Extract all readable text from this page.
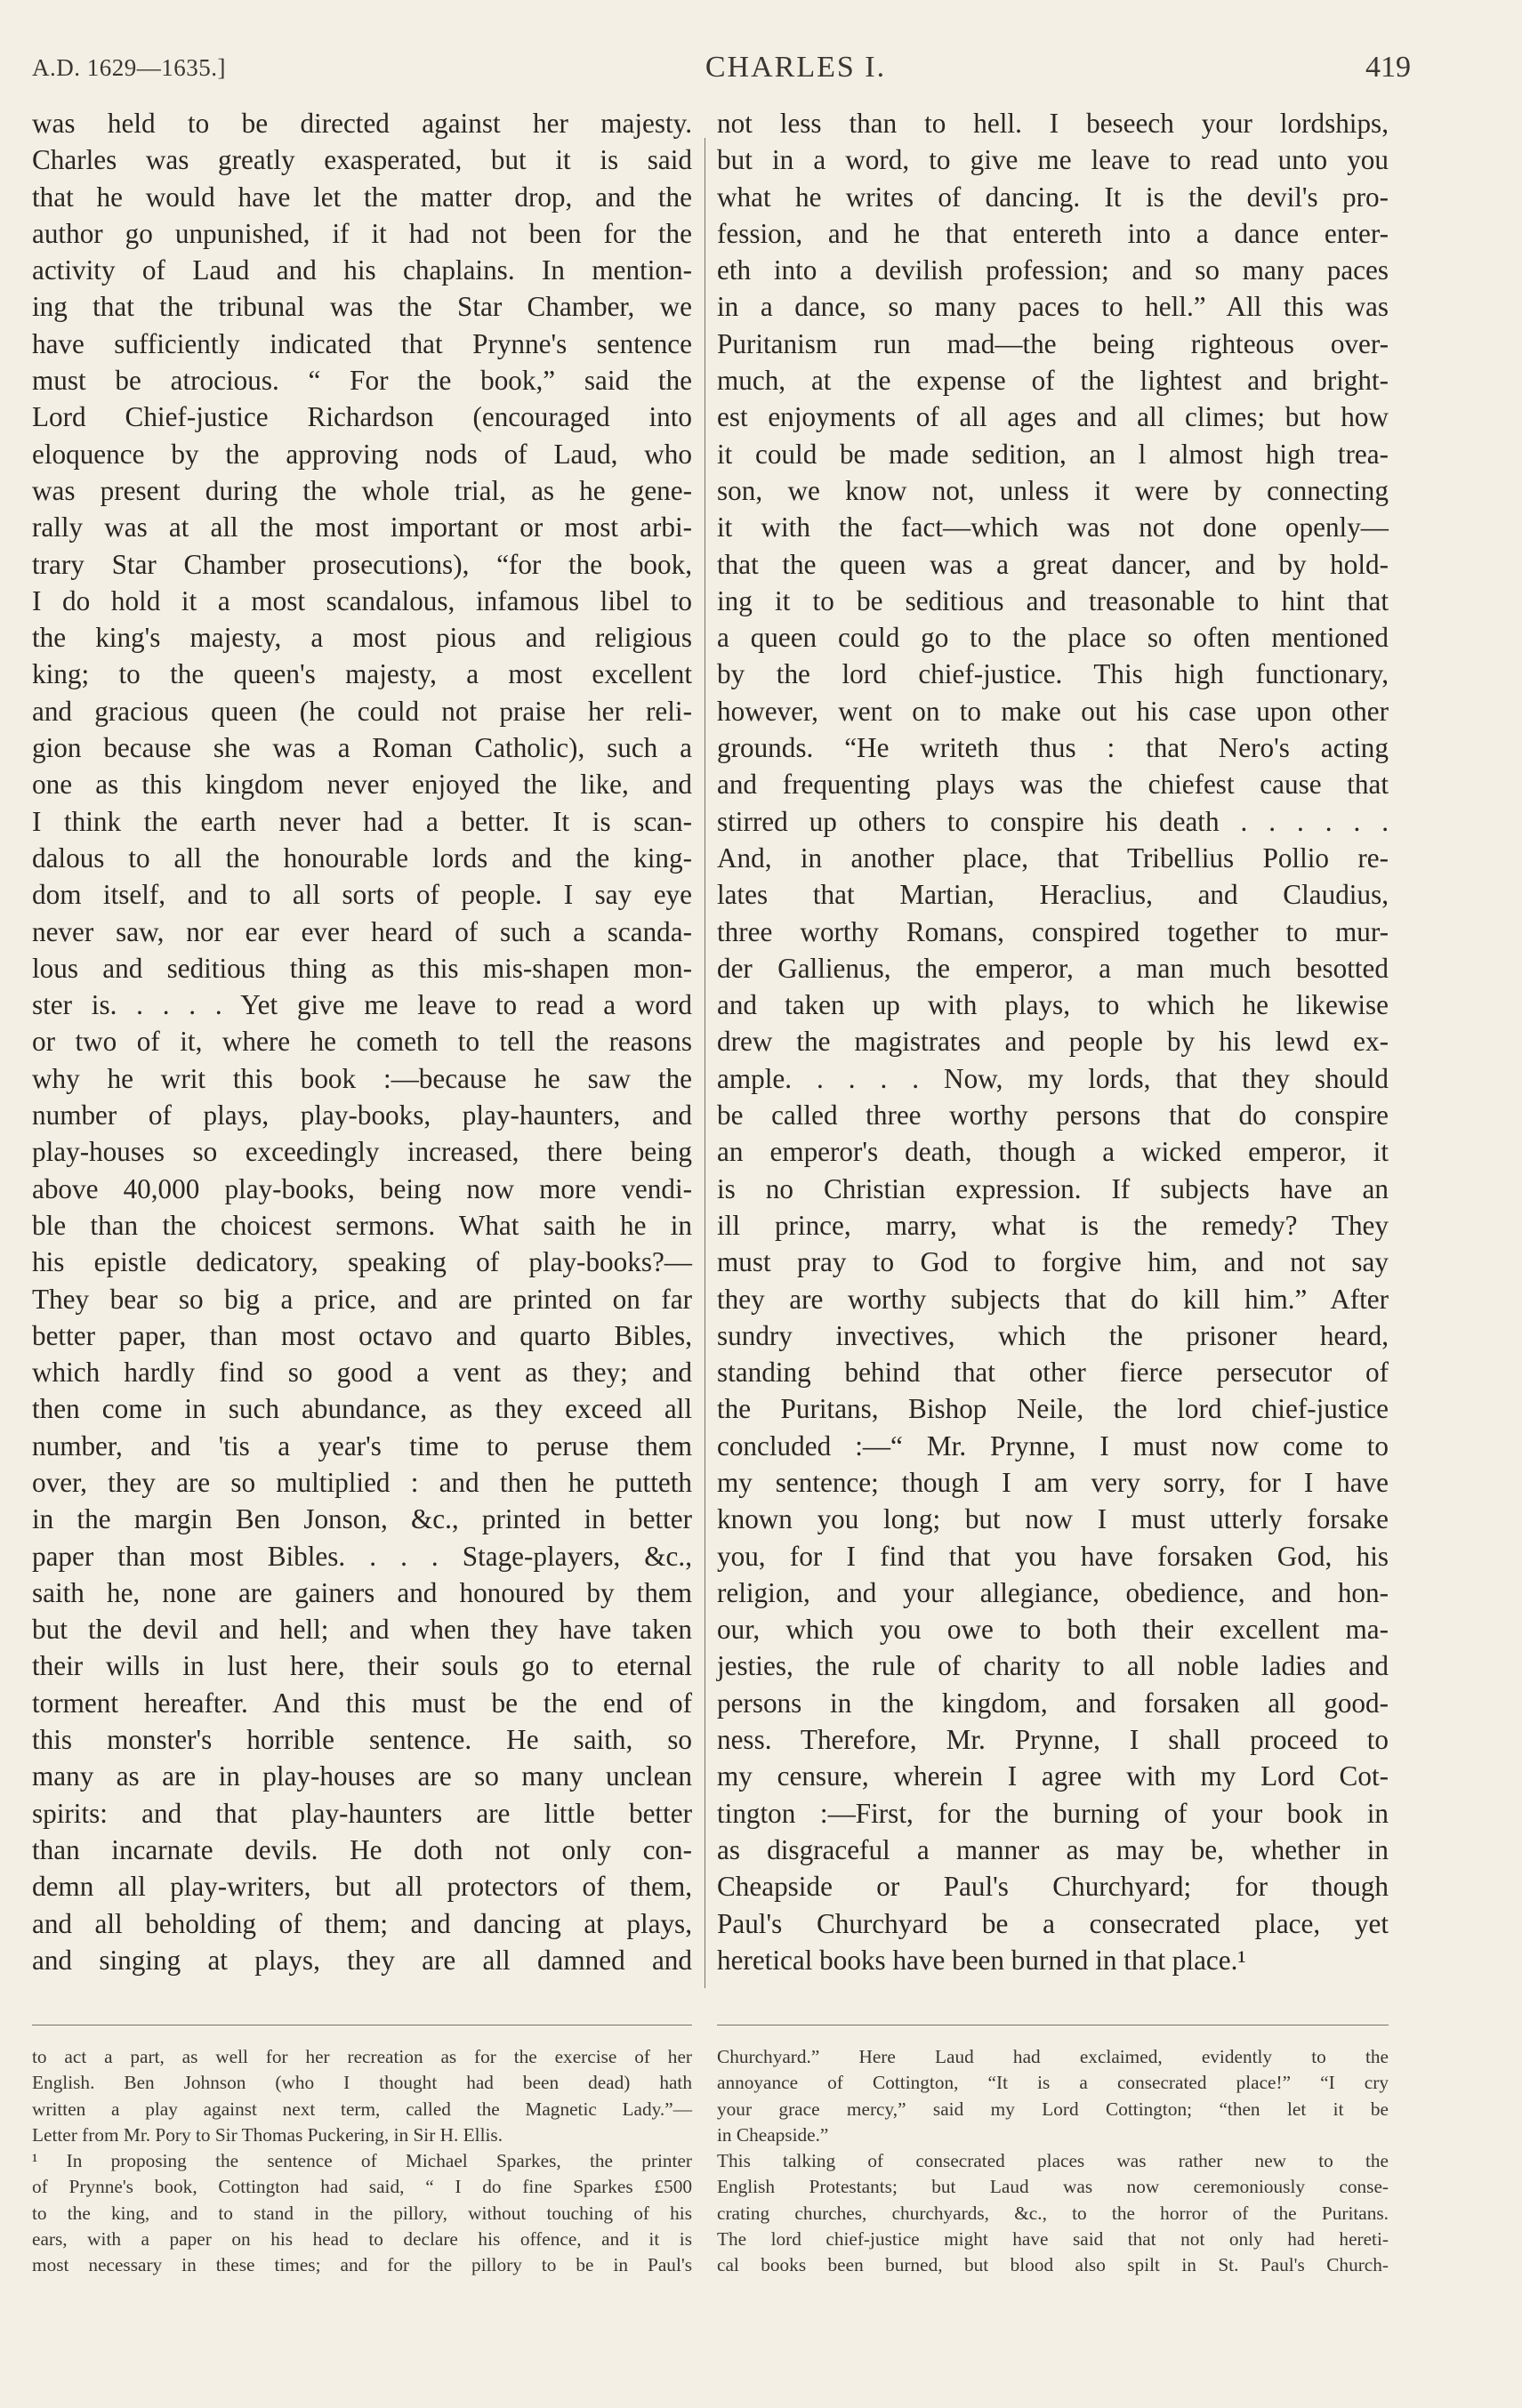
A.D. 1629—1635.]	CHARLES I.	419

was held to be directed against her majesty.

Charles was greatly exasperated, but it is said

that he would have let the matter drop, and the

author go unpunished, if it had not been for the

activity of Laud and his chaplains. In mention-

ing that the tribunal was the Star Chamber, we

have sufficiently indicated that Prynne's sentence

must be atrocious. “ For the book,” said the

Lord Chief-justice Richardson (encouraged into

eloquence by the approving nods of Laud, who

was present during the whole trial, as he gene-

rally was at all the most important or most arbi-

trary Star Chamber prosecutions), “for the book,

I do hold it a most scandalous, infamous libel to

the king's majesty, a most pious and religious

king; to the queen's majesty, a most excellent

and gracious queen (he could not praise her reli-

gion because she was a Roman Catholic), such a

one as this kingdom never enjoyed the like, and

I think the earth never had a better. It is scan-

dalous to all the honourable lords and the king-

dom itself, and to all sorts of people. I say eye

never saw, nor ear ever heard of such a scanda-

lous and seditious thing as this mis-shapen mon-

ster is. . . . . Yet give me leave to read a word

or two of it, where he cometh to tell the reasons

why he writ this book :—because he saw the

number of plays, play-books, play-haunters, and

play-houses so exceedingly increased, there being

above 40,000 play-books, being now more vendi-

ble than the choicest sermons. What saith he in

his epistle dedicatory, speaking of play-books?—

They bear so big a price, and are printed on far

better paper, than most octavo and quarto Bibles,

which hardly find so good a vent as they; and

then come in such abundance, as they exceed all

number, and 'tis a year's time to peruse them

over, they are so multiplied : and then he putteth

in the margin Ben Jonson, &c., printed in better

paper than most Bibles. . . . Stage-players, &c.,

saith he, none are gainers and honoured by them

but the devil and hell; and when they have taken

their wills in lust here, their souls go to eternal

torment hereafter. And this must be the end of

this monster's horrible sentence. He saith, so

many as are in play-houses are so many unclean

spirits: and that play-haunters are little better

than incarnate devils. He doth not only con-

demn all play-writers, but all protectors of them,

and all beholding of them; and dancing at plays,

and singing at plays, they are all damned and

not less than to hell. I beseech your lordships,

but in a word, to give me leave to read unto you

what he writes of dancing. It is the devil's pro-

fession, and he that entereth into a dance enter-

eth into a devilish profession; and so many paces

in a dance, so many paces to hell.” All this was

Puritanism run mad—the being righteous over-

much, at the expense of the lightest and bright-

est enjoyments of all ages and all climes; but how

it could be made sedition, an l almost high trea-

son, we know not, unless it were by connecting

it with the fact—which was not done openly—

that the queen was a great dancer, and by hold-

ing it to be seditious and treasonable to hint that

a queen could go to the place so often mentioned

by the lord chief-justice. This high functionary,

however, went on to make out his case upon other

grounds. “He writeth thus : that Nero's acting

and frequenting plays was the chiefest cause that

stirred up others to conspire his death . . . . . .

And, in another place, that Tribellius Pollio re-

lates that Martian, Heraclius, and Claudius,

three worthy Romans, conspired together to mur-

der Gallienus, the emperor, a man much besotted

and taken up with plays, to which he likewise

drew the magistrates and people by his lewd ex-

ample. . . . . Now, my lords, that they should

be called three worthy persons that do conspire

an emperor's death, though a wicked emperor, it

is no Christian expression. If subjects have an

ill prince, marry, what is the remedy? They

must pray to God to forgive him, and not say

they are worthy subjects that do kill him.” After

sundry invectives, which the prisoner heard,

standing behind that other fierce persecutor of

the Puritans, Bishop Neile, the lord chief-justice

concluded :—“ Mr. Prynne, I must now come to

my sentence; though I am very sorry, for I have

known you long; but now I must utterly forsake

you, for I find that you have forsaken God, his

religion, and your allegiance, obedience, and hon-

our, which you owe to both their excellent ma-

jesties, the rule of charity to all noble ladies and

persons in the kingdom, and forsaken all good-

ness. Therefore, Mr. Prynne, I shall proceed to

my censure, wherein I agree with my Lord Cot-

tington :—First, for the burning of your book in

as disgraceful a manner as may be, whether in

Cheapside or Paul's Churchyard; for though

Paul's Churchyard be a consecrated place, yet

heretical books have been burned in that place.¹

to act a part, as well for her recreation as for the exercise of her

English. Ben Johnson (who I thought had been dead) hath

written a play against next term, called the Magnetic Lady.”—

Letter from Mr. Pory to Sir Thomas Puckering, in Sir H. Ellis.

¹ In proposing the sentence of Michael Sparkes, the printer

of Prynne's book, Cottington had said, “ I do fine Sparkes £500

to the king, and to stand in the pillory, without touching of his

ears, with a paper on his head to declare his offence, and it is

most necessary in these times; and for the pillory to be in Paul's

Churchyard.” Here Laud had exclaimed, evidently to the

annoyance of Cottington, “It is a consecrated place!” “I cry

your grace mercy,” said my Lord Cottington; “then let it be

in Cheapside.”

This talking of consecrated places was rather new to the

English Protestants; but Laud was now ceremoniously conse-

crating churches, churchyards, &c., to the horror of the Puritans.

The lord chief-justice might have said that not only had hereti-

cal books been burned, but blood also spilt in St. Paul's Church-
